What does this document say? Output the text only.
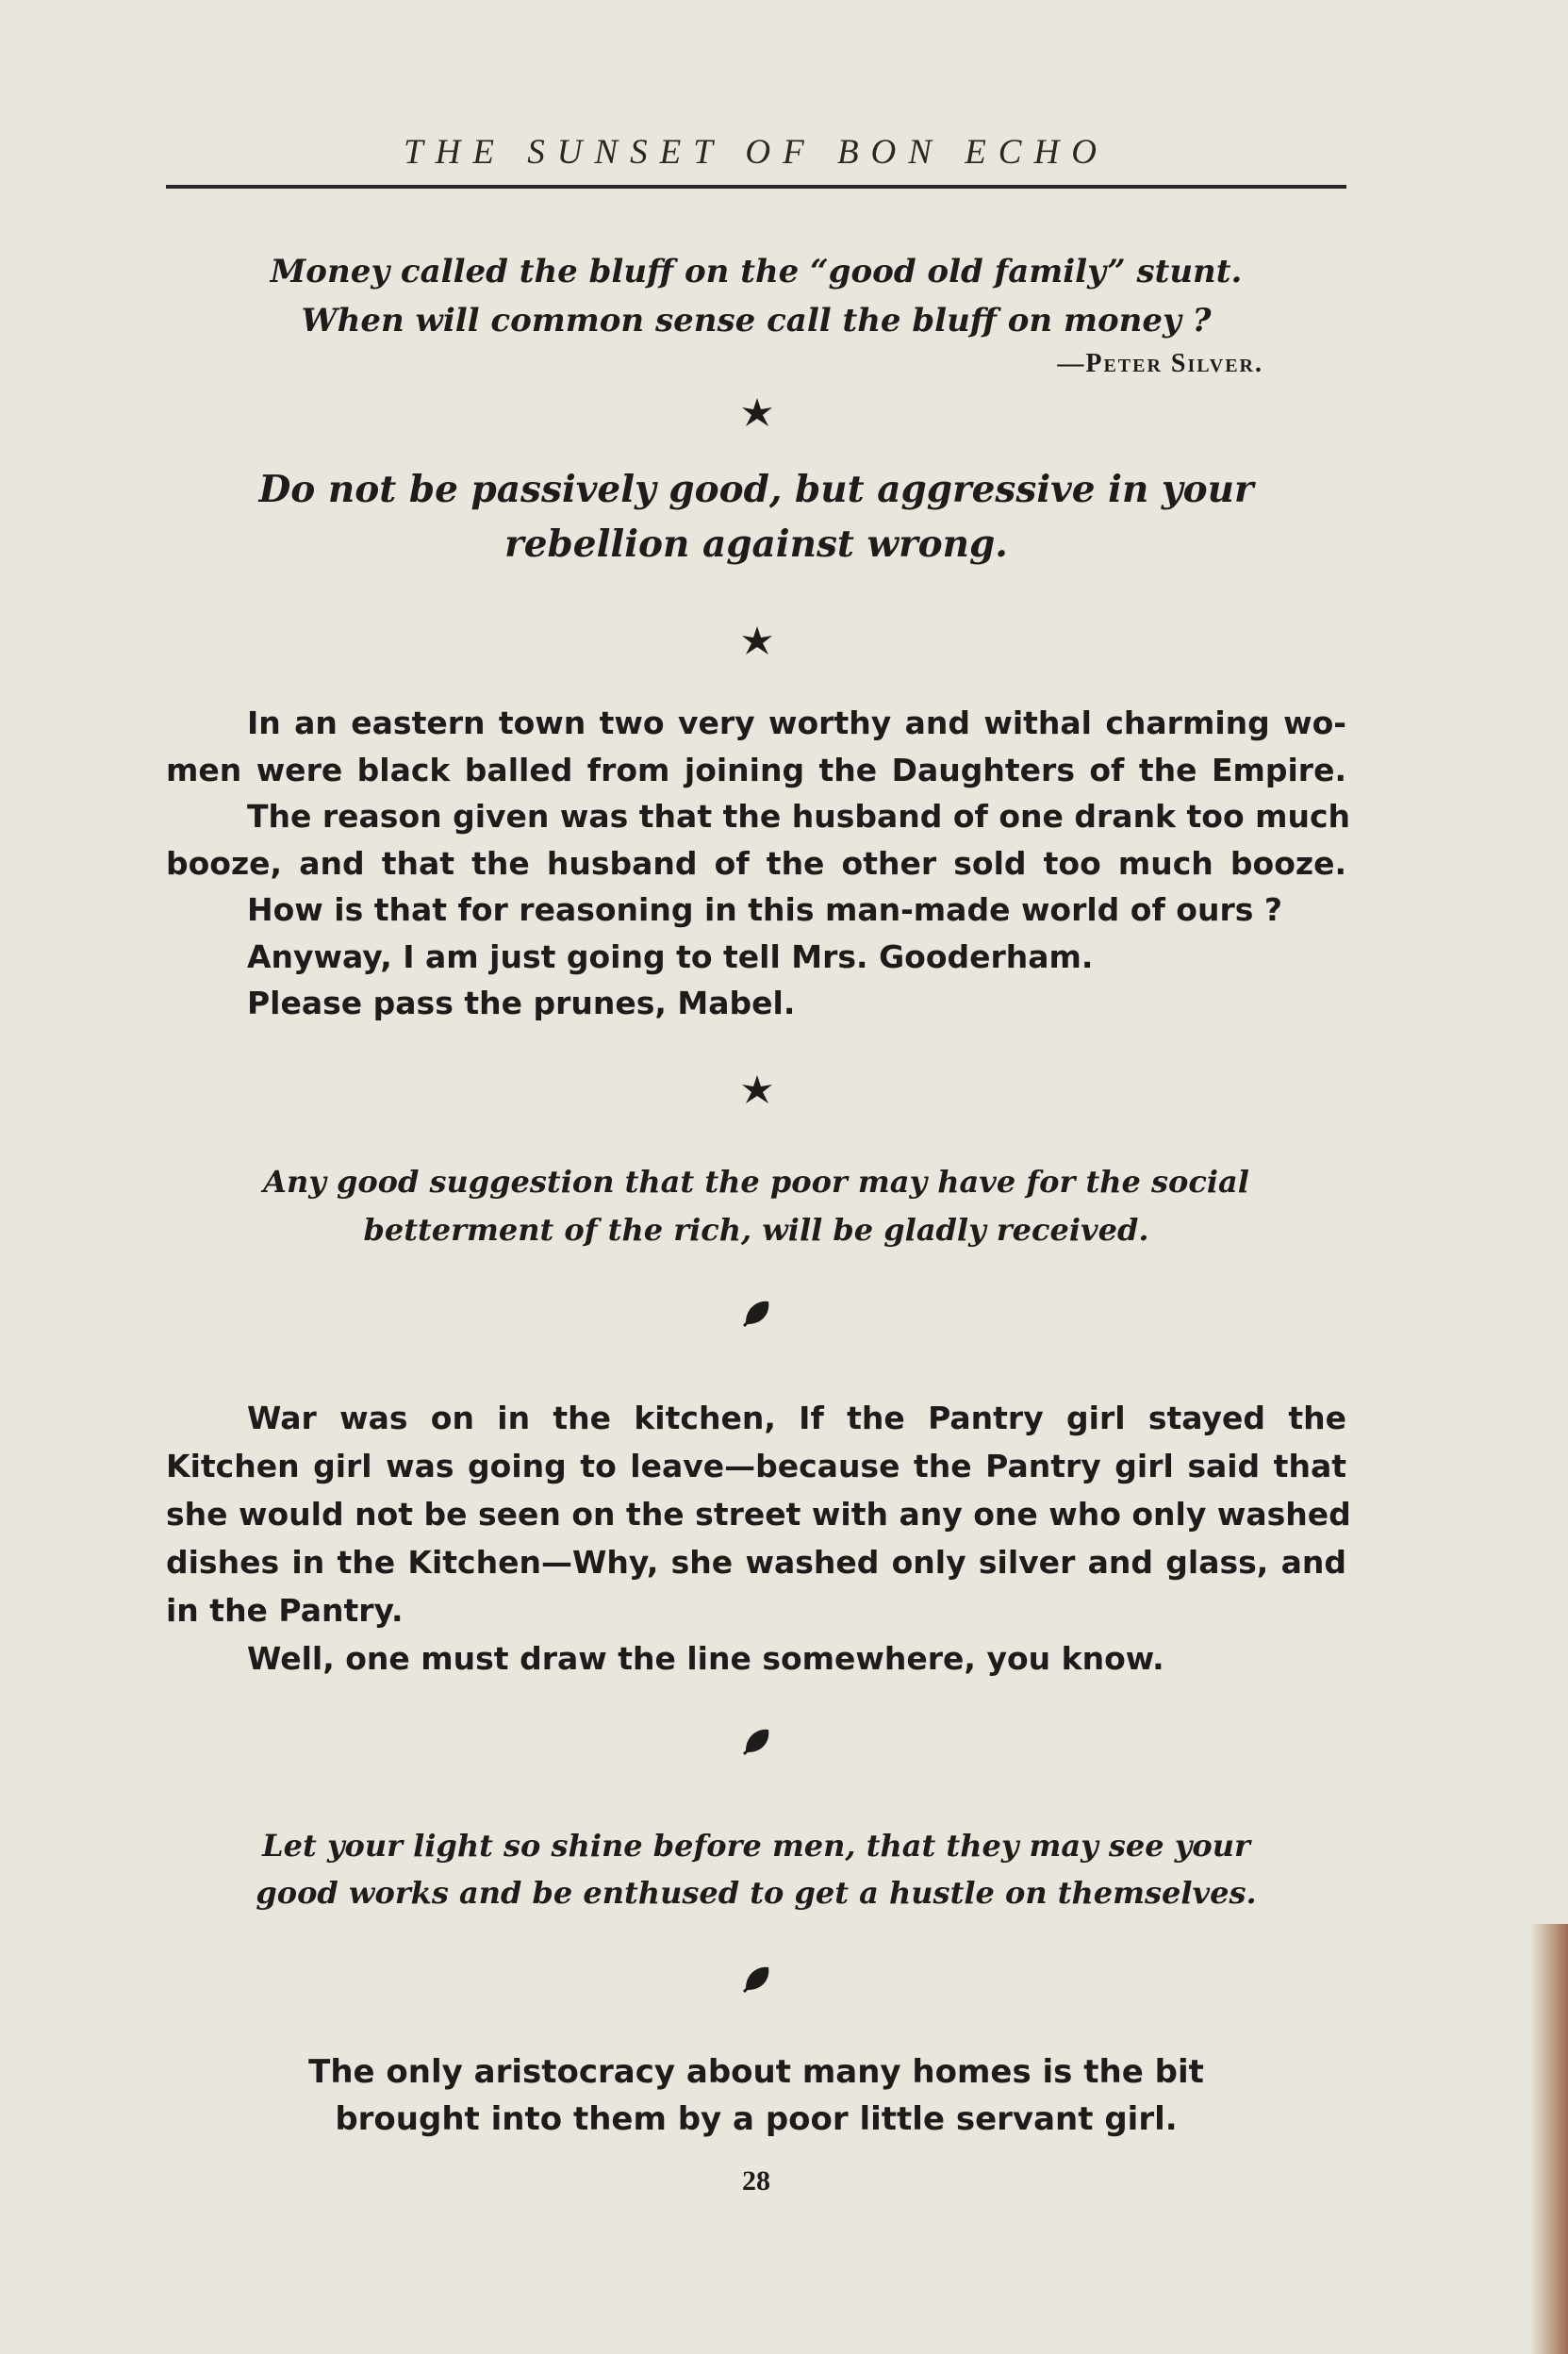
THE SUNSET OF BON ECHO
Money called the bluff on the “good old family” stunt.
When will common sense call the bluff on money ?
—Peter Silver.
Do not be passively good, but aggressive in your
rebellion against wrong.
In an eastern town two very worthy and withal charming wo-
men were black balled from joining the Daughters of the Empire.
The reason given was that the husband of one drank too much
booze, and that the husband of the other sold too much booze.
How is that for reasoning in this man-made world of ours ?
Anyway, I am just going to tell Mrs. Gooderham.
Please pass the prunes, Mabel.
Any good suggestion that the poor may have for the social
betterment of the rich, will be gladly received.
War was on in the kitchen, If the Pantry girl stayed the
Kitchen girl was going to leave—because the Pantry girl said that
she would not be seen on the street with any one who only washed
dishes in the Kitchen—Why, she washed only silver and glass, and
in the Pantry.
Well, one must draw the line somewhere, you know.
Let your light so shine before men, that they may see your
good works and be enthused to get a hustle on themselves.
The only aristocracy about many homes is the bit
brought into them by a poor little servant girl.
28
